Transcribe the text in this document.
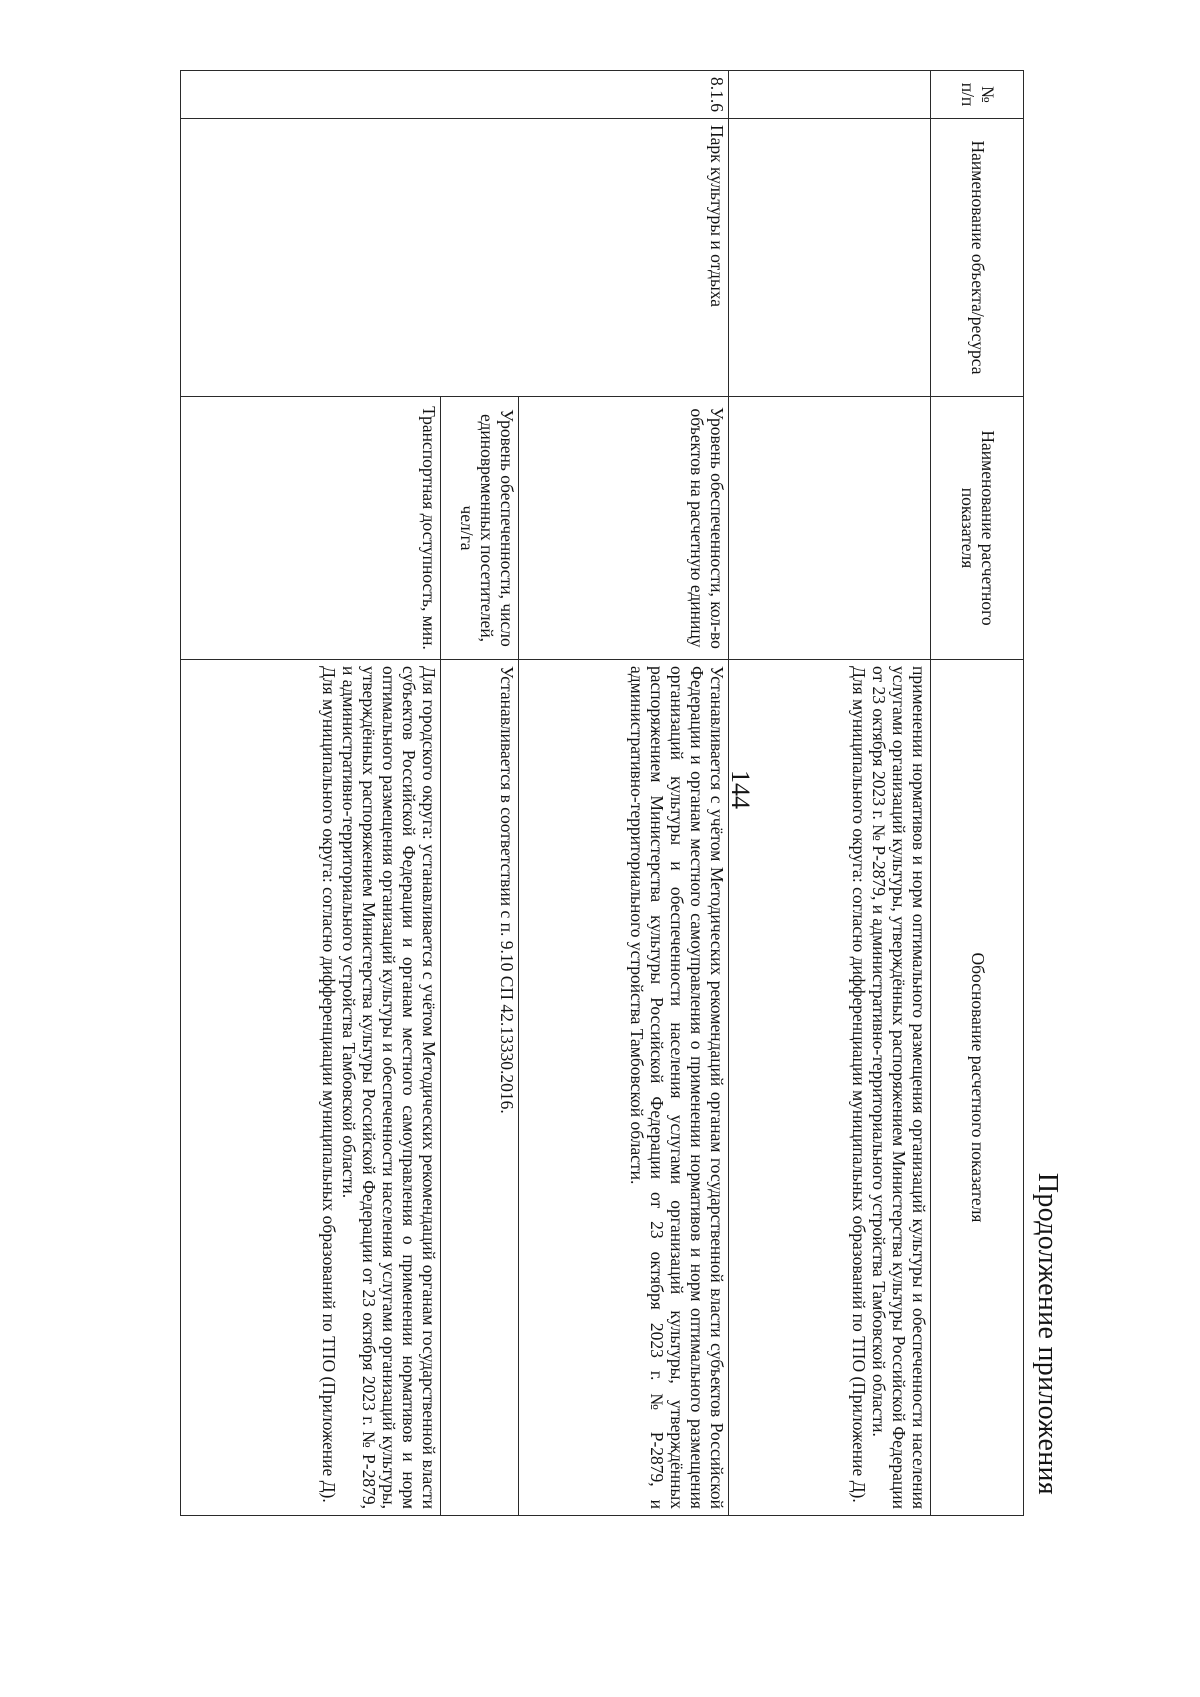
Продолжение приложения
144
№ п/п	Наименование объекта/ресурса	Наименование расчетного показателя	Обоснование расчетного показателя

			применении нормативов и норм оптимального размещения организаций культуры и обеспеченности населения услугами организаций культуры, утверждённых распоряжением Министерства культуры Российской Федерации от 23 октября 2023 г. № Р-2879, и административно-территориального устройства Тамбовской области.

Для муниципального округа: согласно дифференциации муниципальных образований по ТПО (Приложение Д).

8.1.6	Парк культуры и отдыха	Уровень обеспеченности, кол-во объектов на расчетную единицу	Устанавливается с учётом Методических рекомендаций органам государственной власти субъектов Российской Федерации и органам местного самоуправления о применении нормативов и норм оптимального размещения организаций культуры и обеспеченности населения услугами организаций культуры, утверждённых распоряжением Министерства культуры Российской Федерации от 23 октября 2023 г. № Р-2879, и административно-территориального устройства Тамбовской области.

		Уровень обеспеченности, число единовременных посетителей, чел/га	Устанавливается в соответствии с п. 9.10 СП 42.13330.2016.

		Транспортная доступность, мин.	Для городского округа: устанавливается с учётом Методических рекомендаций органам государственной власти субъектов Российской Федерации и органам местного самоуправления о применении нормативов и норм оптимального размещения организаций культуры и обеспеченности населения услугами организаций культуры, утверждённых распоряжением Министерства культуры Российской Федерации от 23 октября 2023 г. № Р-2879, и административно-территориального устройства Тамбовской области.

Для муниципального округа: согласно дифференциации муниципальных образований по ТПО (Приложение Д).
